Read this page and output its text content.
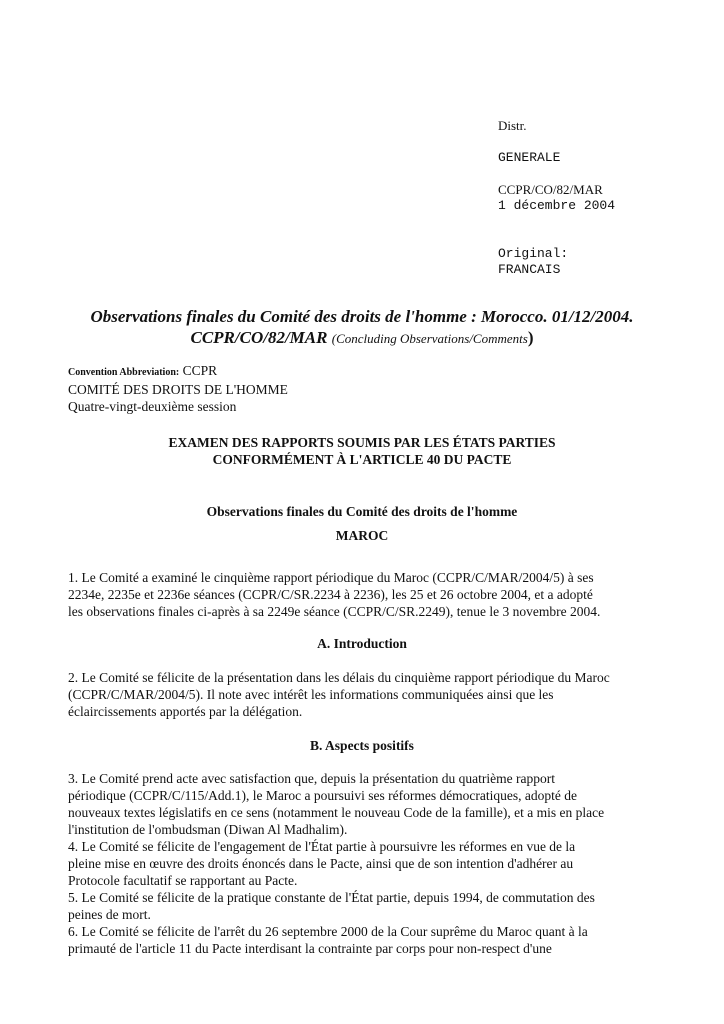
Distr.
GENERALE
CCPR/CO/82/MAR
1 décembre 2004
Original:
FRANCAIS
Observations finales du Comité des droits de l'homme : Morocco. 01/12/2004.
CCPR/CO/82/MAR (Concluding Observations/Comments)
Convention Abbreviation: CCPR
COMITÉ DES DROITS DE L'HOMME
Quatre-vingt-deuxième session
EXAMEN DES RAPPORTS SOUMIS PAR LES ÉTATS PARTIES
CONFORMÉMENT À L'ARTICLE 40 DU PACTE
Observations finales du Comité des droits de l'homme
MAROC
1. Le Comité a examiné le cinquième rapport périodique du Maroc (CCPR/C/MAR/2004/5) à ses
2234e, 2235e et 2236e séances (CCPR/C/SR.2234 à 2236), les 25 et 26 octobre 2004, et a adopté
les observations finales ci-après à sa 2249e séance (CCPR/C/SR.2249), tenue le 3 novembre 2004.
A. Introduction
2. Le Comité se félicite de la présentation dans les délais du cinquième rapport périodique du Maroc
(CCPR/C/MAR/2004/5). Il note avec intérêt les informations communiquées ainsi que les
éclaircissements apportés par la délégation.
B. Aspects positifs
3. Le Comité prend acte avec satisfaction que, depuis la présentation du quatrième rapport
périodique (CCPR/C/115/Add.1), le Maroc a poursuivi ses réformes démocratiques, adopté de
nouveaux textes législatifs en ce sens (notamment le nouveau Code de la famille), et a mis en place
l'institution de l'ombudsman (Diwan Al Madhalim).
4. Le Comité se félicite de l'engagement de l'État partie à poursuivre les réformes en vue de la
pleine mise en œuvre des droits énoncés dans le Pacte, ainsi que de son intention d'adhérer au
Protocole facultatif se rapportant au Pacte.
5. Le Comité se félicite de la pratique constante de l'État partie, depuis 1994, de commutation des
peines de mort.
6. Le Comité se félicite de l'arrêt du 26 septembre 2000 de la Cour suprême du Maroc quant à la
primauté de l'article 11 du Pacte interdisant la contrainte par corps pour non-respect d'une
